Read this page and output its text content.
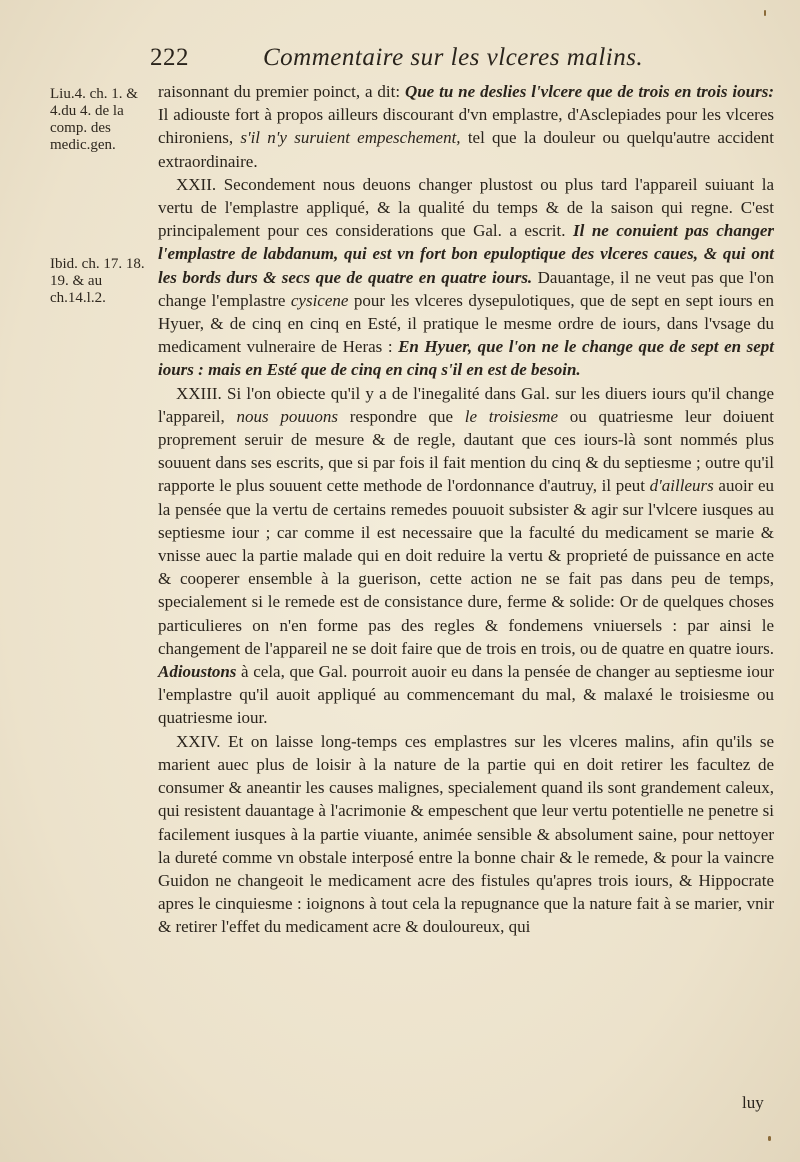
222	Commentaire sur les vlceres malins.
Liu.4. ch. 1. & 4.du 4. de la comp. des medic.gen.
Ibid. ch. 17. 18. 19. & au ch.14.l.2.

raisonnant du premier poinct, a dit: Que tu ne deslies l'vlcere que de trois en trois iours: Il adiouste fort à propos ailleurs discourant d'vn emplastre, d'Asclepiades pour les vlceres chironiens, s'il n'y suruient empeschement, tel que la douleur ou quelqu'autre accident extraordinaire.

XXII. Secondement nous deuons changer plustost ou plus tard l'appareil suiuant la vertu de l'emplastre appliqué, & la qualité du temps & de la saison qui regne. C'est principalement pour ces considerations que Gal. a escrit. Il ne conuient pas changer l'emplastre de labdanum, qui est vn fort bon epuloptique des vlceres caues, & qui ont les bords durs & secs que de quatre en quatre iours. Dauantage, il ne veut pas que l'on change l'emplastre cysicene pour les vlceres dysepulotiques, que de sept en sept iours en Hyuer, & de cinq en cinq en Esté, il pratique le mesme ordre de iours, dans l'vsage du medicament vulneraire de Heras : En Hyuer, que l'on ne le change que de sept en sept iours : mais en Esté que de cinq en cinq s'il en est de besoin.

XXIII. Si l'on obiecte qu'il y a de l'inegalité dans Gal. sur les diuers iours qu'il change l'appareil, nous pouuons respondre que le troisiesme ou quatriesme leur doiuent proprement seruir de mesure & de regle, dautant que ces iours-là sont nommés plus souuent dans ses escrits, que si par fois il fait mention du cinq & du septiesme ; outre qu'il rapporte le plus souuent cette methode de l'ordonnance d'autruy, il peut d'ailleurs auoir eu la pensée que la vertu de certains remedes pouuoit subsister & agir sur l'vlcere iusques au septiesme iour ; car comme il est necessaire que la faculté du medicament se marie & vnisse auec la partie malade qui en doit reduire la vertu & proprieté de puissance en acte & cooperer ensemble à la guerison, cette action ne se fait pas dans peu de temps, specialement si le remede est de consistance dure, ferme & solide: Or de quelques choses particulieres on n'en forme pas des regles & fondemens vniuersels : par ainsi le changement de l'appareil ne se doit faire que de trois en trois, ou de quatre en quatre iours. Adioustons à cela, que Gal. pourroit auoir eu dans la pensée de changer au septiesme iour l'emplastre qu'il auoit appliqué au commencemant du mal, & malaxé le troisiesme ou quatriesme iour.

XXIV. Et on laisse long-temps ces emplastres sur les vlceres malins, afin qu'ils se marient auec plus de loisir à la nature de la partie qui en doit retirer les facultez de consumer & aneantir les causes malignes, specialement quand ils sont grandement caleux, qui resistent dauantage à l'acrimonie & empeschent que leur vertu potentielle ne penetre si facilement iusques à la partie viuante, animée sensible & absolument saine, pour nettoyer la dureté comme vn obstale interposé entre la bonne chair & le remede, & pour la vaincre Guidon ne changeoit le medicament acre des fistules qu'apres trois iours, & Hippocrate apres le cinquiesme : ioignons à tout cela la repugnance que la nature fait à se marier, vnir & retirer l'effet du medicament acre & douloureux, qui

luy
